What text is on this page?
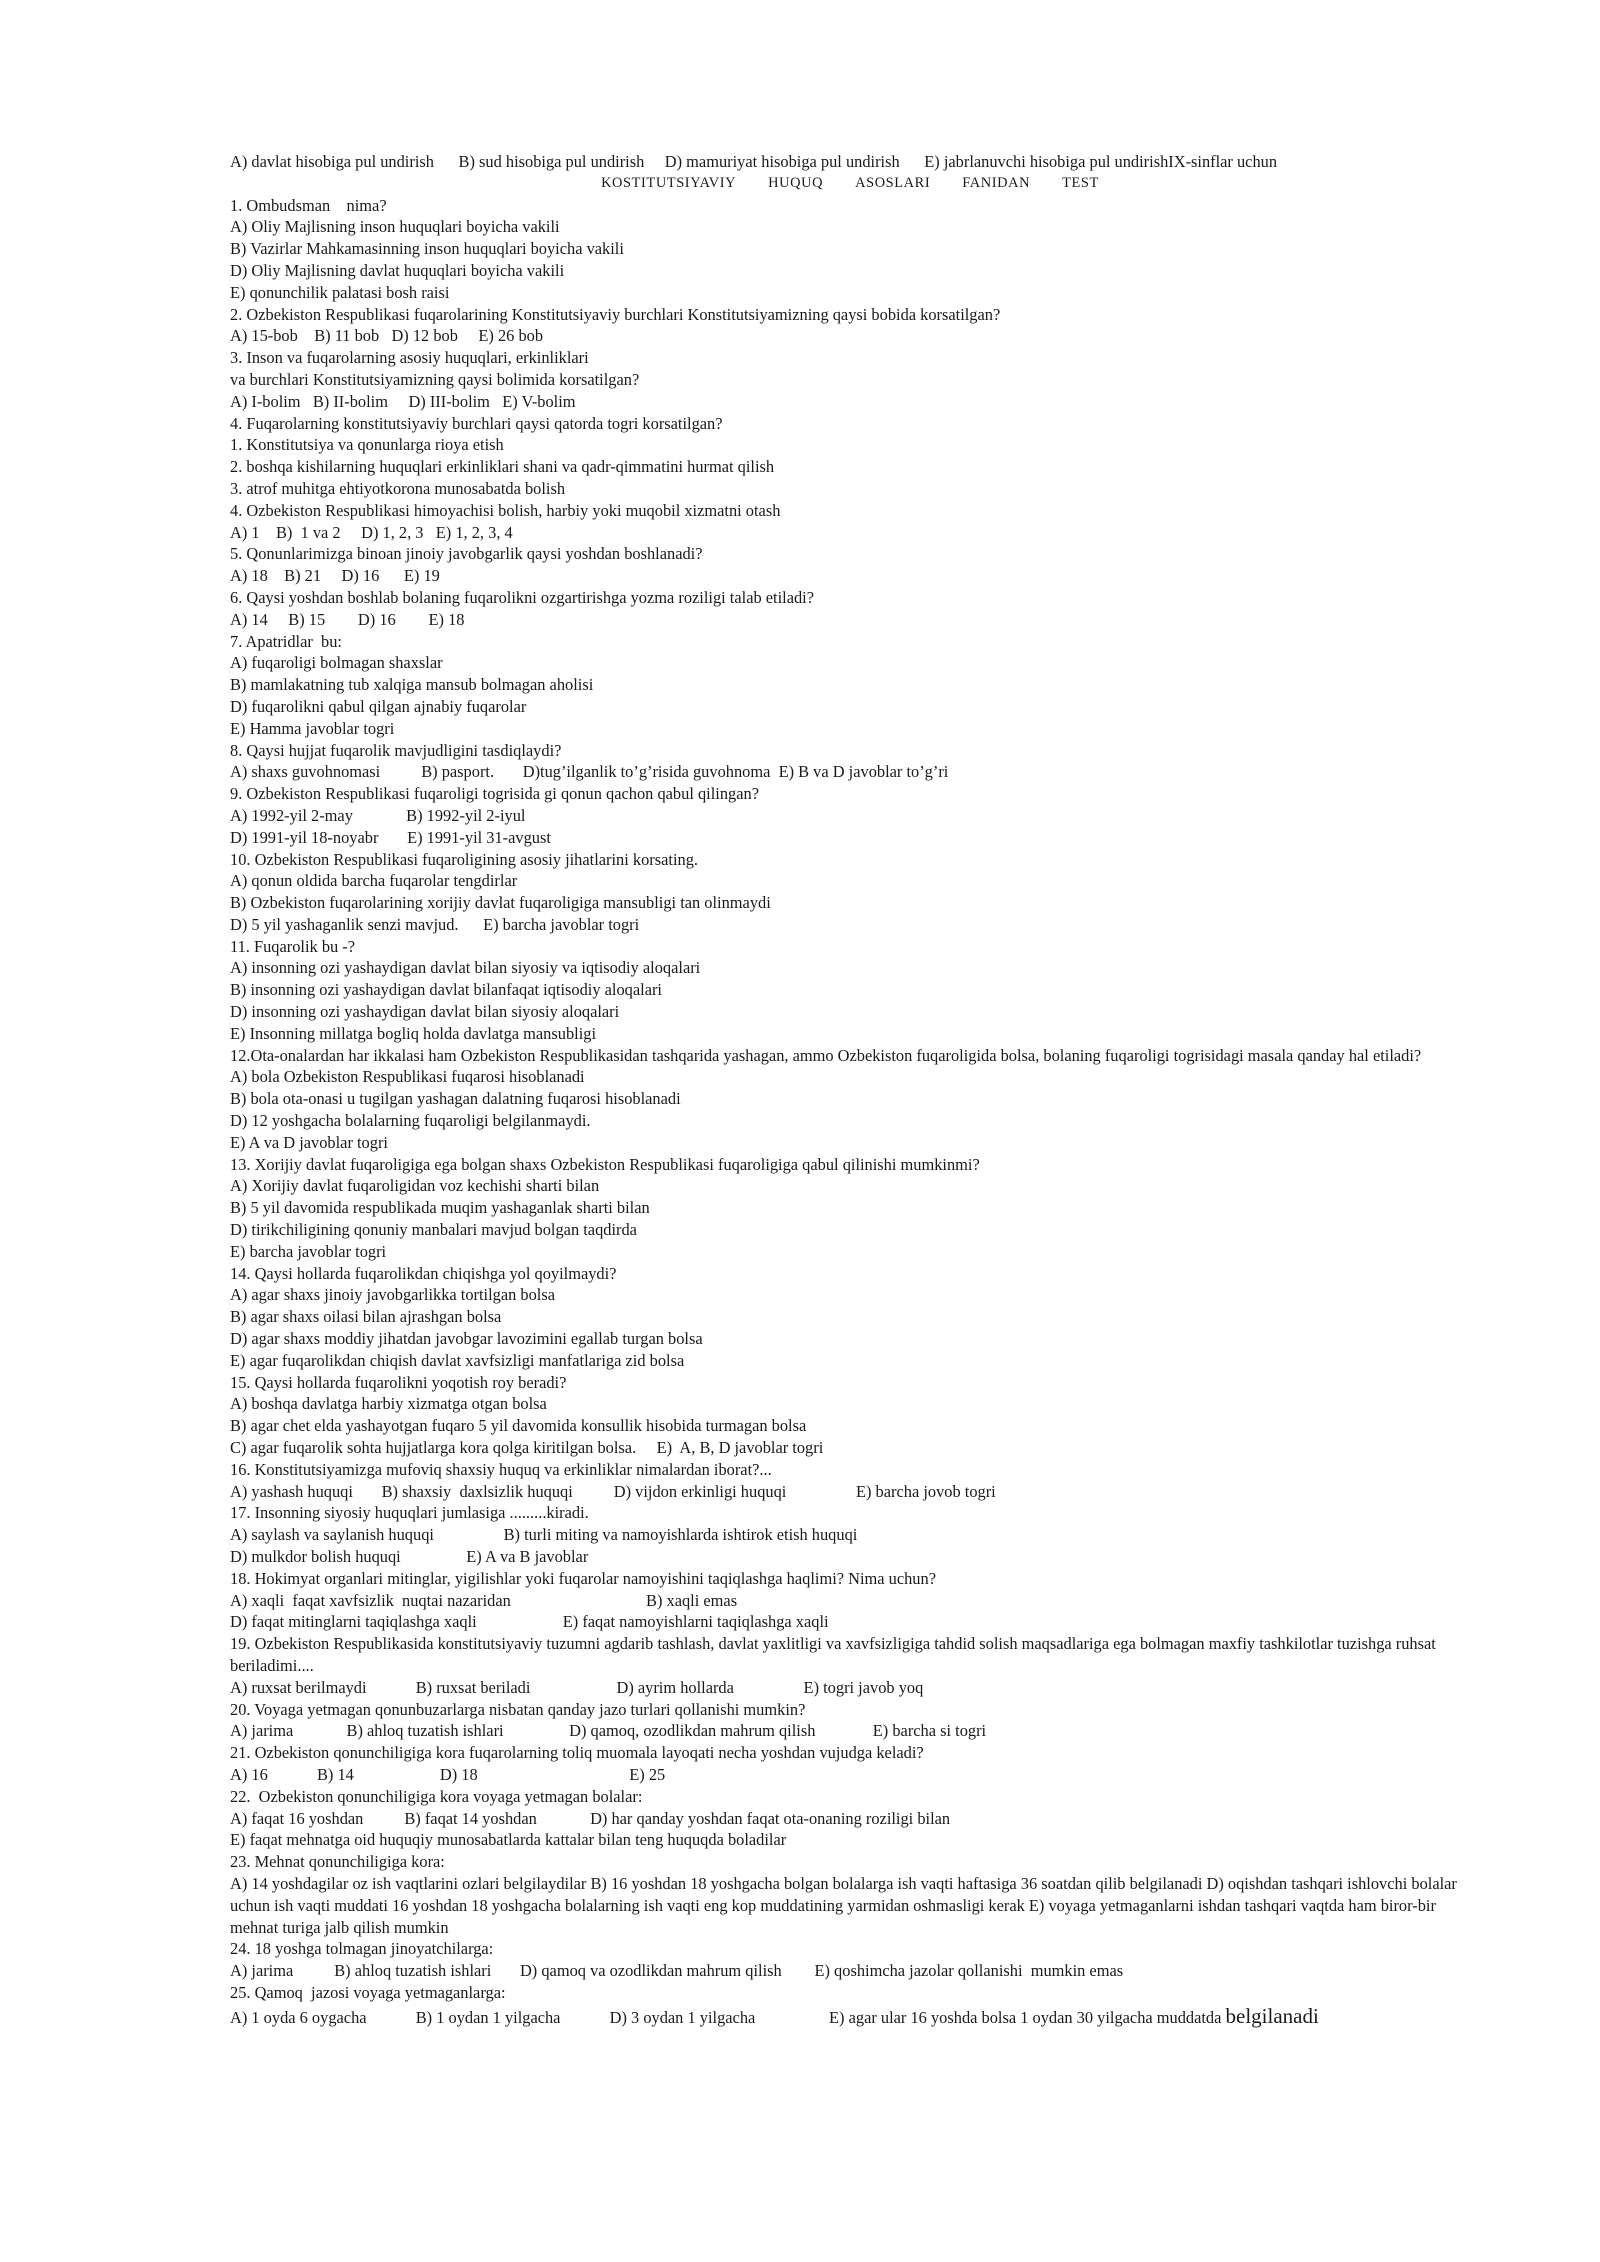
A) davlat hisobiga pul undirish      B) sud hisobiga pul undirish     D) mamuriyat hisobiga pul undirish      E) jabrlanuvchi hisobiga pul undirishIX-sinflar uchun
KOSTITUTSIYAVIY HUQUQ ASOSLARI FANIDAN TEST
1. Ombudsman    nima?
A) Oliy Majlisning inson huquqlari boyicha vakili
B) Vazirlar Mahkamasinning inson huquqlari boyicha vakili
D) Oliy Majlisning davlat huquqlari boyicha vakili
E) qonunchilik palatasi bosh raisi
2. Ozbekiston Respublikasi fuqarolarining Konstitutsiyaviy burchlari Konstitutsiyamizning qaysi bobida korsatilgan?
A) 15-bob    B) 11 bob   D) 12 bob     E) 26 bob
3. Inson va fuqarolarning asosiy huquqlari, erkinliklari
va burchlari Konstitutsiyamizning qaysi bolimida korsatilgan?
A) I-bolim   B) II-bolim     D) III-bolim   E) V-bolim
4. Fuqarolarning konstitutsiyaviy burchlari qaysi qatorda togri korsatilgan?
1. Konstitutsiya va qonunlarga rioya etish
2. boshqa kishilarning huquqlari erkinliklari shani va qadr-qimmatini hurmat qilish
3. atrof muhitga ehtiyotkorona munosabatda bolish
4. Ozbekiston Respublikasi himoyachisi bolish, harbiy yoki muqobil xizmatni otash
A) 1    B)  1 va 2     D) 1, 2, 3   E) 1, 2, 3, 4
5. Qonunlarimizga binoan jinoiy javobgarlik qaysi yoshdan boshlanadi?
A) 18    B) 21     D) 16      E) 19
6. Qaysi yoshdan boshlab bolaning fuqarolikni ozgartirishga yozma roziligi talab etiladi?
A) 14     B) 15        D) 16        E) 18
7. Apatridlar  bu:
A) fuqaroligi bolmagan shaxslar
B) mamlakatning tub xalqiga mansub bolmagan aholisi
D) fuqarolikni qabul qilgan ajnabiy fuqarolar
E) Hamma javoblar togri
8. Qaysi hujjat fuqarolik mavjudligini tasdiqlaydi?
A) shaxs guvohnomasi          B) pasport.       D)tug’ilganlik to’g’risida guvohnoma  E) B va D javoblar to’g’ri
9. Ozbekiston Respublikasi fuqaroligi togrisida gi qonun qachon qabul qilingan?
A) 1992-yil 2-may             B) 1992-yil 2-iyul
D) 1991-yil 18-noyabr       E) 1991-yil 31-avgust
10. Ozbekiston Respublikasi fuqaroligining asosiy jihatlarini korsating.
A) qonun oldida barcha fuqarolar tengdirlar
B) Ozbekiston fuqarolarining xorijiy davlat fuqaroligiga mansubligi tan olinmaydi
D) 5 yil yashaganlik senzi mavjud.      E) barcha javoblar togri
11. Fuqarolik bu -?
A) insonning ozi yashaydigan davlat bilan siyosiy va iqtisodiy aloqalari
B) insonning ozi yashaydigan davlat bilanfaqat iqtisodiy aloqalari
D) insonning ozi yashaydigan davlat bilan siyosiy aloqalari
E) Insonning millatga bogliq holda davlatga mansubligi
12.Ota-onalardan har ikkalasi ham Ozbekiston Respublikasidan tashqarida yashagan, ammo Ozbekiston fuqaroligida bolsa, bolaning fuqaroligi togrisidagi masala qanday hal etiladi?
A) bola Ozbekiston Respublikasi fuqarosi hisoblanadi
B) bola ota-onasi u tugilgan yashagan dalatning fuqarosi hisoblanadi
D) 12 yoshgacha bolalarning fuqaroligi belgilanmaydi.
E) A va D javoblar togri
13. Xorijiy davlat fuqaroligiga ega bolgan shaxs Ozbekiston Respublikasi fuqaroligiga qabul qilinishi mumkinmi?
A) Xorijiy davlat fuqaroligidan voz kechishi sharti bilan
B) 5 yil davomida respublikada muqim yashaganlak sharti bilan
D) tirikchiligining qonuniy manbalari mavjud bolgan taqdirda
E) barcha javoblar togri
14. Qaysi hollarda fuqarolikdan chiqishga yol qoyilmaydi?
A) agar shaxs jinoiy javobgarlikka tortilgan bolsa
B) agar shaxs oilasi bilan ajrashgan bolsa
D) agar shaxs moddiy jihatdan javobgar lavozimini egallab turgan bolsa
E) agar fuqarolikdan chiqish davlat xavfsizligi manfatlariga zid bolsa
15. Qaysi hollarda fuqarolikni yoqotish roy beradi?
A) boshqa davlatga harbiy xizmatga otgan bolsa
B) agar chet elda yashayotgan fuqaro 5 yil davomida konsullik hisobida turmagan bolsa
C) agar fuqarolik sohta hujjatlarga kora qolga kiritilgan bolsa.     E)  A, B, D javoblar togri
16. Konstitutsiyamizga mufoviq shaxsiy huquq va erkinliklar nimalardan iborat?...
A) yashash huquqi       B) shaxsiy  daxlsizlik huquqi          D) vijdon erkinligi huquqi                 E) barcha jovob togri
17. Insonning siyosiy huquqlari jumlasiga .........kiradi.
A) saylash va saylanish huquqi                 B) turli miting va namoyishlarda ishtirok etish huquqi
D) mulkdor bolish huquqi                E) A va B javoblar
18. Hokimyat organlari mitinglar, yigilishlar yoki fuqarolar namoyishini taqiqlashga haqlimi? Nima uchun?
A) xaqli  faqat xavfsizlik  nuqtai nazaridan                                 B) xaqli emas
D) faqat mitinglarni taqiqlashga xaqli                     E) faqat namoyishlarni taqiqlashga xaqli
19. Ozbekiston Respublikasida konstitutsiyaviy tuzumni agdarib tashlash, davlat yaxlitligi va xavfsizligiga tahdid solish maqsadlariga ega bolmagan maxfiy tashkilotlar tuzishga ruhsat beriladimi....
A) ruxsat berilmaydi            B) ruxsat beriladi                     D) ayrim hollarda                 E) togri javob yoq
20. Voyaga yetmagan qonunbuzarlarga nisbatan qanday jazo turlari qollanishi mumkin?
A) jarima             B) ahloq tuzatish ishlari                D) qamoq, ozodlikdan mahrum qilish              E) barcha si togri
21. Ozbekiston qonunchiligiga kora fuqarolarning toliq muomala layoqati necha yoshdan vujudga keladi?
A) 16            B) 14                     D) 18                                     E) 25
22.  Ozbekiston qonunchiligiga kora voyaga yetmagan bolalar:
A) faqat 16 yoshdan          B) faqat 14 yoshdan             D) har qanday yoshdan faqat ota-onaning roziligi bilan
E) faqat mehnatga oid huquqiy munosabatlarda kattalar bilan teng huquqda boladilar
23. Mehnat qonunchiligiga kora:
A) 14 yoshdagilar oz ish vaqtlarini ozlari belgilaydilar B) 16 yoshdan 18 yoshgacha bolgan bolalarga ish vaqti haftasiga 36 soatdan qilib belgilanadi D) oqishdan tashqari ishlovchi bolalar uchun ish vaqti muddati 16 yoshdan 18 yoshgacha bolalarning ish vaqti eng kop muddatining yarmidan oshmasligi kerak E) voyaga yetmaganlarni ishdan tashqari vaqtda ham biror-bir mehnat turiga jalb qilish mumkin
24. 18 yoshga tolmagan jinoyatchilarga:
A) jarima          B) ahloq tuzatish ishlari       D) qamoq va ozodlikdan mahrum qilish        E) qoshimcha jazolar qollanishi  mumkin emas
25. Qamoq  jazosi voyaga yetmaganlarga:
A) 1 oyda 6 oygacha            B) 1 oydan 1 yilgacha            D) 3 oydan 1 yilgacha                  E) agar ular 16 yoshda bolsa 1 oydan 30 yilgacha muddatda belgilanadi
